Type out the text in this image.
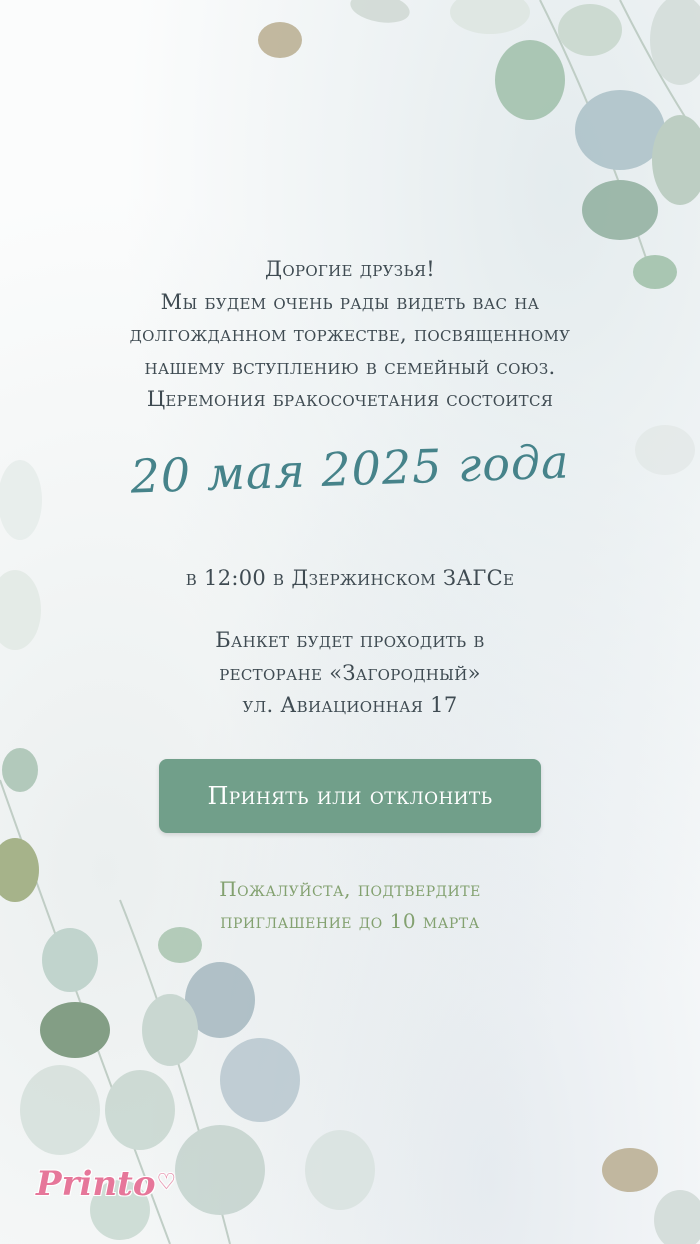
Дорогие друзья!
Мы будем очень рады видеть вас на
долгожданном торжестве, посвященному
нашему вступлению в семейный союз.
Церемония бракосочетания состоится
20 мая 2025 года
в 12:00 в Дзержинском ЗАГСе
Банкет будет проходить в
ресторане «Загородный»
ул. Авиационная 17
Принять или отклонить
Пожалуйста, подтвердите
приглашение до 10 марта
Printo♡
